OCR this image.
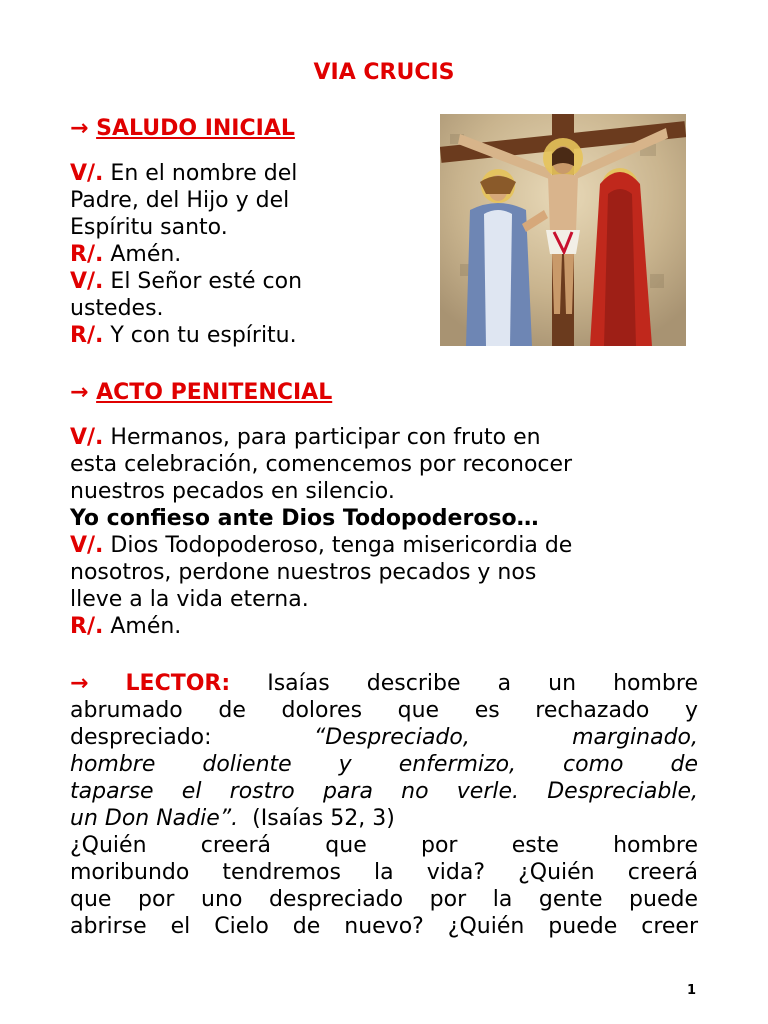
VIA CRUCIS
→ SALUDO INICIAL
V/. En el nombre del
Padre, del Hijo y del
Espíritu santo.
R/. Amén.
V/. El Señor esté con
ustedes.
R/. Y con tu espíritu.
→ ACTO PENITENCIAL
V/. Hermanos, para participar con fruto en
esta celebración, comencemos por reconocer
nuestros pecados en silencio.
Yo confieso ante Dios Todopoderoso…
V/. Dios Todopoderoso, tenga misericordia de
nosotros, perdone nuestros pecados y nos
lleve a la vida eterna.
R/. Amén.
→ LECTOR: Isaías describe a un hombre
abrumado de dolores que es rechazado y
despreciado:	“Despreciado, marginado,
hombre doliente y enfermizo, como de
taparse el rostro para no verle. Despreciable,
un Don Nadie”. (Isaías 52, 3)
¿Quién creerá que por este hombre
moribundo tendremos la vida? ¿Quién creerá
que por uno despreciado por la gente puede
abrirse el Cielo de nuevo? ¿Quién puede creer
1
